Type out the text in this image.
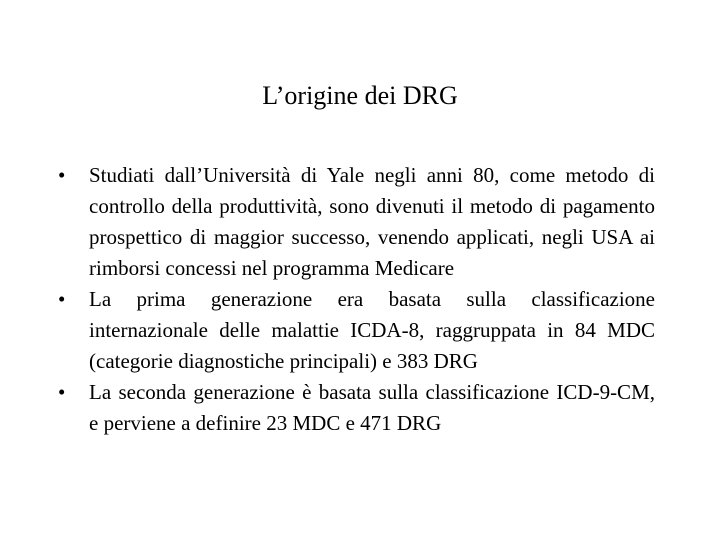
L’origine dei DRG
•	Studiati dall’Università di Yale negli anni 80, come metodo di controllo della produttività, sono divenuti il metodo di pagamento prospettico di maggior successo, venendo applicati, negli USA ai rimborsi concessi nel programma Medicare
•	La prima generazione era basata sulla classificazione internazionale delle malattie ICDA-8, raggruppata in 84 MDC (categorie diagnostiche principali) e 383 DRG
•	La seconda generazione è basata sulla classificazione ICD-9-CM, e perviene a definire 23 MDC e 471 DRG
